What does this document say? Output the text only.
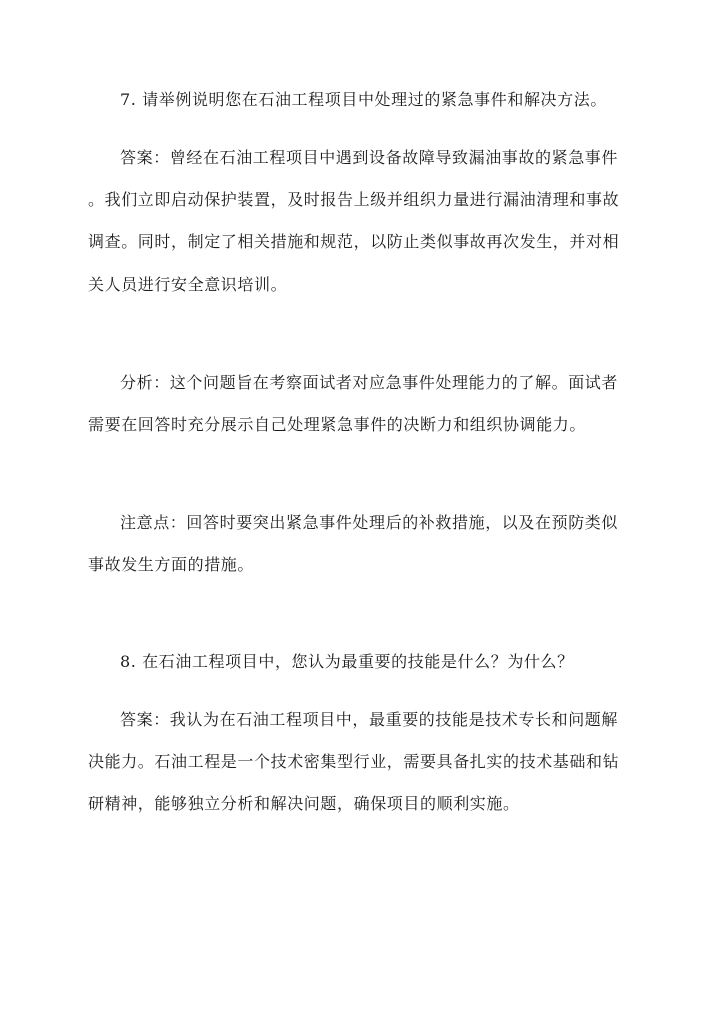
7. 请举例说明您在石油工程项目中处理过的紧急事件和解决方法。
答案：曾经在石油工程项目中遇到设备故障导致漏油事故的紧急事件
。我们立即启动保护装置，及时报告上级并组织力量进行漏油清理和事故
调查。同时，制定了相关措施和规范，以防止类似事故再次发生，并对相
关人员进行安全意识培训。
分析：这个问题旨在考察面试者对应急事件处理能力的了解。面试者
需要在回答时充分展示自己处理紧急事件的决断力和组织协调能力。
注意点：回答时要突出紧急事件处理后的补救措施，以及在预防类似
事故发生方面的措施。
8. 在石油工程项目中，您认为最重要的技能是什么？为什么？
答案：我认为在石油工程项目中，最重要的技能是技术专长和问题解
决能力。石油工程是一个技术密集型行业，需要具备扎实的技术基础和钻
研精神，能够独立分析和解决问题，确保项目的顺利实施。
